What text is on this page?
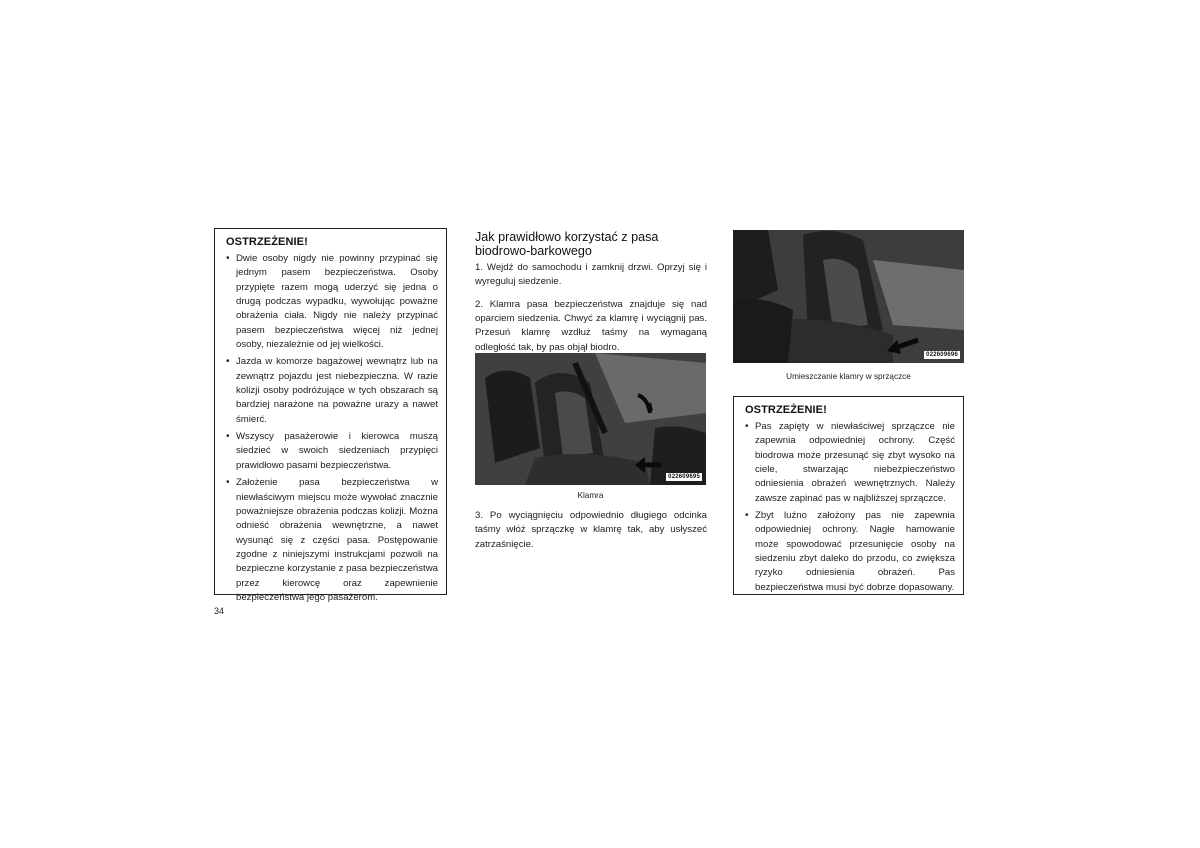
OSTRZEŻENIE!
• Dwie osoby nigdy nie powinny przypinać się jednym pasem bezpieczeństwa. Osoby przypięte razem mogą uderzyć się jedna o drugą podczas wypadku, wywołując poważne obrażenia ciała. Nigdy nie należy przypinać pasem bezpieczeństwa więcej niż jednej osoby, niezależnie od jej wielkości.
• Jazda w komorze bagażowej wewnątrz lub na zewnątrz pojazdu jest niebezpieczna. W razie kolizji osoby podróżujące w tych obszarach są bardziej narażone na poważne urazy a nawet śmierć.
• Wszyscy pasażerowie i kierowca muszą siedzieć w swoich siedzeniach przypięci prawidłowo pasami bezpieczeństwa.
• Założenie pasa bezpieczeństwa w niewłaściwym miejscu może wywołać znacznie poważniejsze obrażenia podczas kolizji. Można odnieść obrażenia wewnętrzne, a nawet wysunąć się z części pasa. Postępowanie zgodne z niniejszymi instrukcjami pozwoli na bezpieczne korzystanie z pasa bezpieczeństwa przez kierowcę oraz zapewnienie bezpieczeństwa jego pasażerom.
Jak prawidłowo korzystać z pasa
biodrowo-barkowego

1. Wejdź do samochodu i zamknij drzwi. Oprzyj się i wyreguluj siedzenie.

2. Klamra pasa bezpieczeństwa znajduje się nad oparciem siedzenia. Chwyć za klamrę i wyciągnij pas. Przesuń klamrę wzdłuż taśmy na wymaganą odległość tak, by pas objął biodro.

022609695
Klamra

3. Po wyciągnięciu odpowiednio długiego odcinka taśmy włóż sprzączkę w klamrę tak, aby usłyszeć zatrzaśnięcie.

022609696
Umieszczanie klamry w sprzączce
OSTRZEŻENIE!
• Pas zapięty w niewłaściwej sprzączce nie zapewnia odpowiedniej ochrony. Część biodrowa może przesunąć się zbyt wysoko na ciele, stwarzając niebezpieczeństwo odniesienia obrażeń wewnętrznych. Należy zawsze zapinać pas w najbliższej sprzączce.
• Zbyt luźno założony pas nie zapewnia odpowiedniej ochrony. Nagłe hamowanie może spowodować przesunięcie osoby na siedzeniu zbyt daleko do przodu, co zwiększa ryzyko odniesienia obrażeń. Pas bezpieczeństwa musi być dobrze dopasowany.
34
